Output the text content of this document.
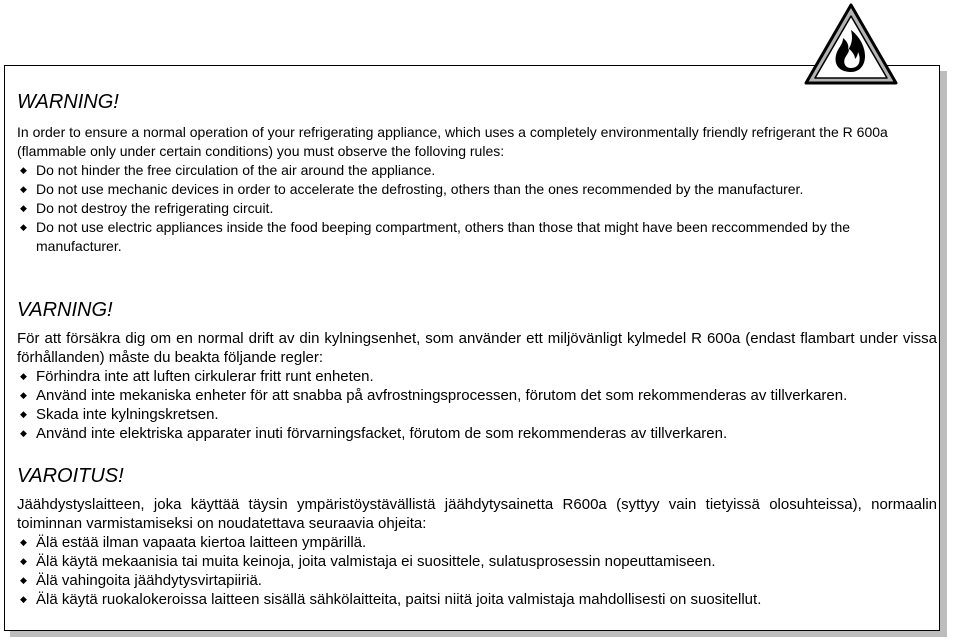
WARNING!

In order to ensure a normal operation of your refrigerating appliance, which uses a completely environmentally friendly refrigerant the R 600a (flammable only under certain conditions) you must observe the folloving rules:

◆ Do not hinder the free circulation of the air around the appliance.
◆ Do not use mechanic devices in order to accelerate the defrosting, others than the ones recommended by the manufacturer.
◆ Do not destroy the refrigerating circuit.
◆ Do not use electric appliances inside the food beeping compartment, others than those that might have been reccommended by the manufacturer.
VARNING!

För att försäkra dig om en normal drift av din kylningsenhet, som använder ett miljövänligt kylmedel R 600a (endast flambart under vissa förhållanden) måste du beakta följande regler:

◆ Förhindra inte att luften cirkulerar fritt runt enheten.
◆ Använd inte mekaniska enheter för att snabba på avfrostningsprocessen, förutom det som rekommenderas av tillverkaren.
◆ Skada inte kylningskretsen.
◆ Använd inte elektriska apparater inuti förvarningsfacket, förutom de som rekommenderas av tillverkaren.
VAROITUS!

Jäähdystyslaitteen, joka käyttää täysin ympäristöystävällistä jäähdytysainetta R600a (syttyy vain tietyissä olosuhteissa), normaalin toiminnan varmistamiseksi on noudatettava seuraavia ohjeita:

◆ Älä estää ilman vapaata kiertoa laitteen ympärillä.
◆ Älä käytä mekaanisia tai muita keinoja, joita valmistaja ei suosittele, sulatusprosessin nopeuttamiseen.
◆ Älä vahingoita jäähdytysvirtapiiriä.
◆ Älä käytä ruokalokeroissa laitteen sisällä sähkölaitteita, paitsi niitä joita valmistaja mahdollisesti on suositellut.
